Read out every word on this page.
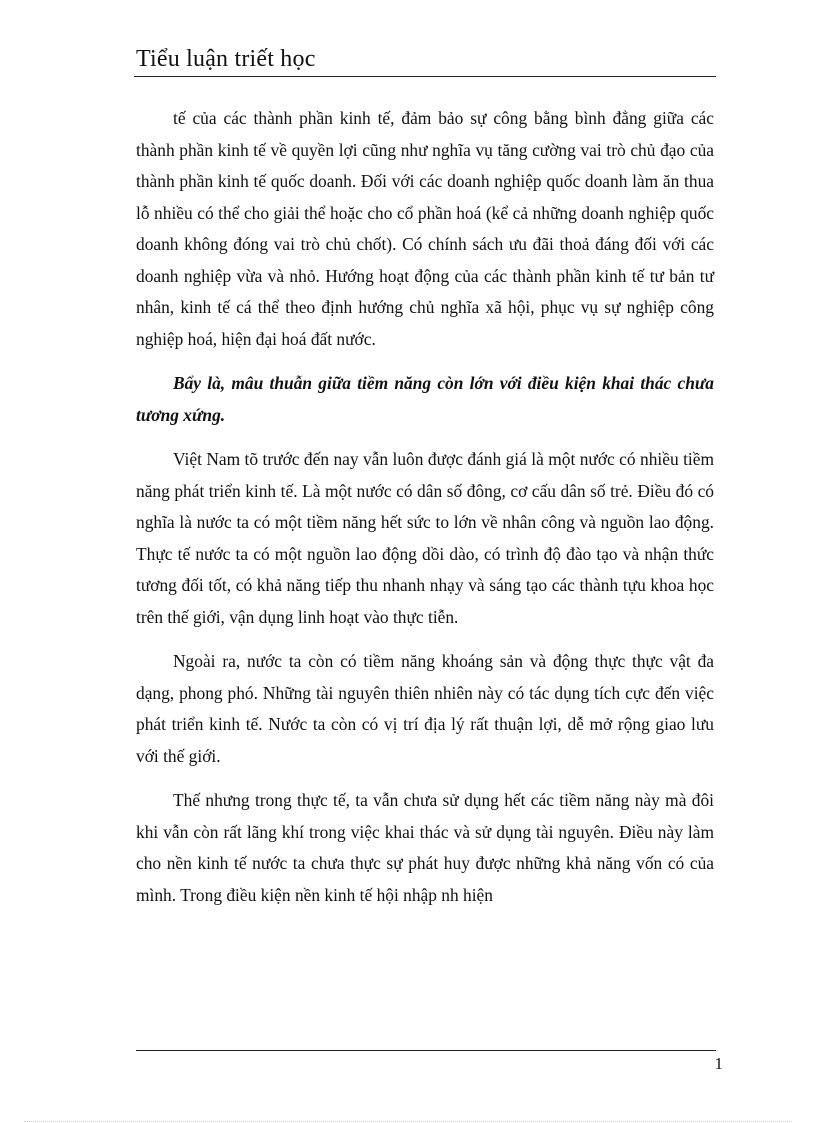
Tiểu luận triết học

tế của các thành phần kinh tế, đảm bảo sự công bằng bình đẳng giữa các thành phần kinh tế về quyền lợi cũng như nghĩa vụ tăng cường vai trò chủ đạo của thành phần kinh tế quốc doanh. Đối với các doanh nghiệp quốc doanh làm ăn thua lỗ nhiều có thể cho giải thể hoặc cho cổ phần hoá (kể cả những doanh nghiệp quốc doanh không đóng vai trò chủ chốt). Có chính sách ưu đãi thoả đáng đối với các doanh nghiệp vừa và nhỏ. Hướng hoạt động của các thành phần kinh tế tư bản tư nhân, kinh tế cá thể theo định hướng chủ nghĩa xã hội, phục vụ sự nghiệp công nghiệp hoá, hiện đại hoá đất nước.

Bẩy là, mâu thuẫn giữa tiềm năng còn lớn với điều kiện khai thác chưa tương xứng.

Việt Nam tõ trước đến nay vẫn luôn được đánh giá là một nước có nhiều tiềm năng phát triển kinh tế. Là một nước có dân số đông, cơ cấu dân số trẻ. Điều đó có nghĩa là nước ta có một tiềm năng hết sức to lớn về nhân công và nguồn lao động. Thực tế nước ta có một nguồn lao động dồi dào, có trình độ đào tạo và nhận thức tương đối tốt, có khả năng tiếp thu nhanh nhạy và sáng tạo các thành tựu khoa học trên thế giới, vận dụng linh hoạt vào thực tiễn.

Ngoài ra, nước ta còn có tiềm năng khoáng sản và động thực thực vật đa dạng, phong phó. Những tài nguyên thiên nhiên này có tác dụng tích cực đến việc phát triển kinh tế. Nước ta còn có vị trí địa lý rất thuận lợi, dễ mở rộng giao lưu với thế giới.

Thế nhưng trong thực tế, ta vẫn chưa sử dụng hết các tiềm năng này mà đôi khi vẫn còn rất lãng khí trong việc khai thác và sử dụng tài nguyên. Điều này làm cho nền kinh tế nước ta chưa thực sự phát huy được những khả năng vốn có của mình. Trong điều kiện nền kinh tế hội nhập nh hiện

1
